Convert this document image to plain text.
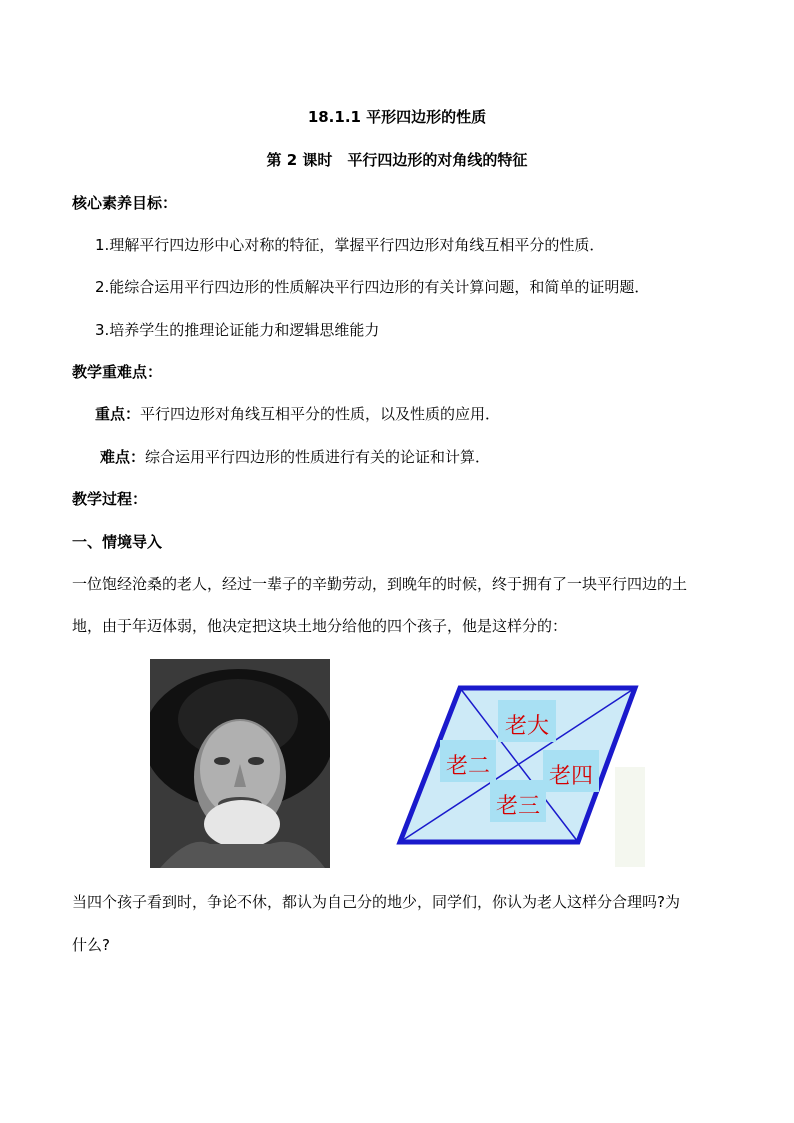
18.1.1 平形四边形的性质
第 2 课时　平行四边形的对角线的特征
核心素养目标：
1.理解平行四边形中心对称的特征，掌握平行四边形对角线互相平分的性质．
2.能综合运用平行四边形的性质解决平行四边形的有关计算问题，和简单的证明题．
3.培养学生的推理论证能力和逻辑思维能力
教学重难点：
重点：平行四边形对角线互相平分的性质，以及性质的应用．
难点：综合运用平行四边形的性质进行有关的论证和计算．
教学过程：
一、情境导入
一位饱经沧桑的老人，经过一辈子的辛勤劳动，到晚年的时候，终于拥有了一块平行四边的土
地，由于年迈体弱，他决定把这块土地分给他的四个孩子，他是这样分的：
老大
老二
老三
老四
当四个孩子看到时，争论不休，都认为自己分的地少，同学们，你认为老人这样分合理吗?为
什么?
